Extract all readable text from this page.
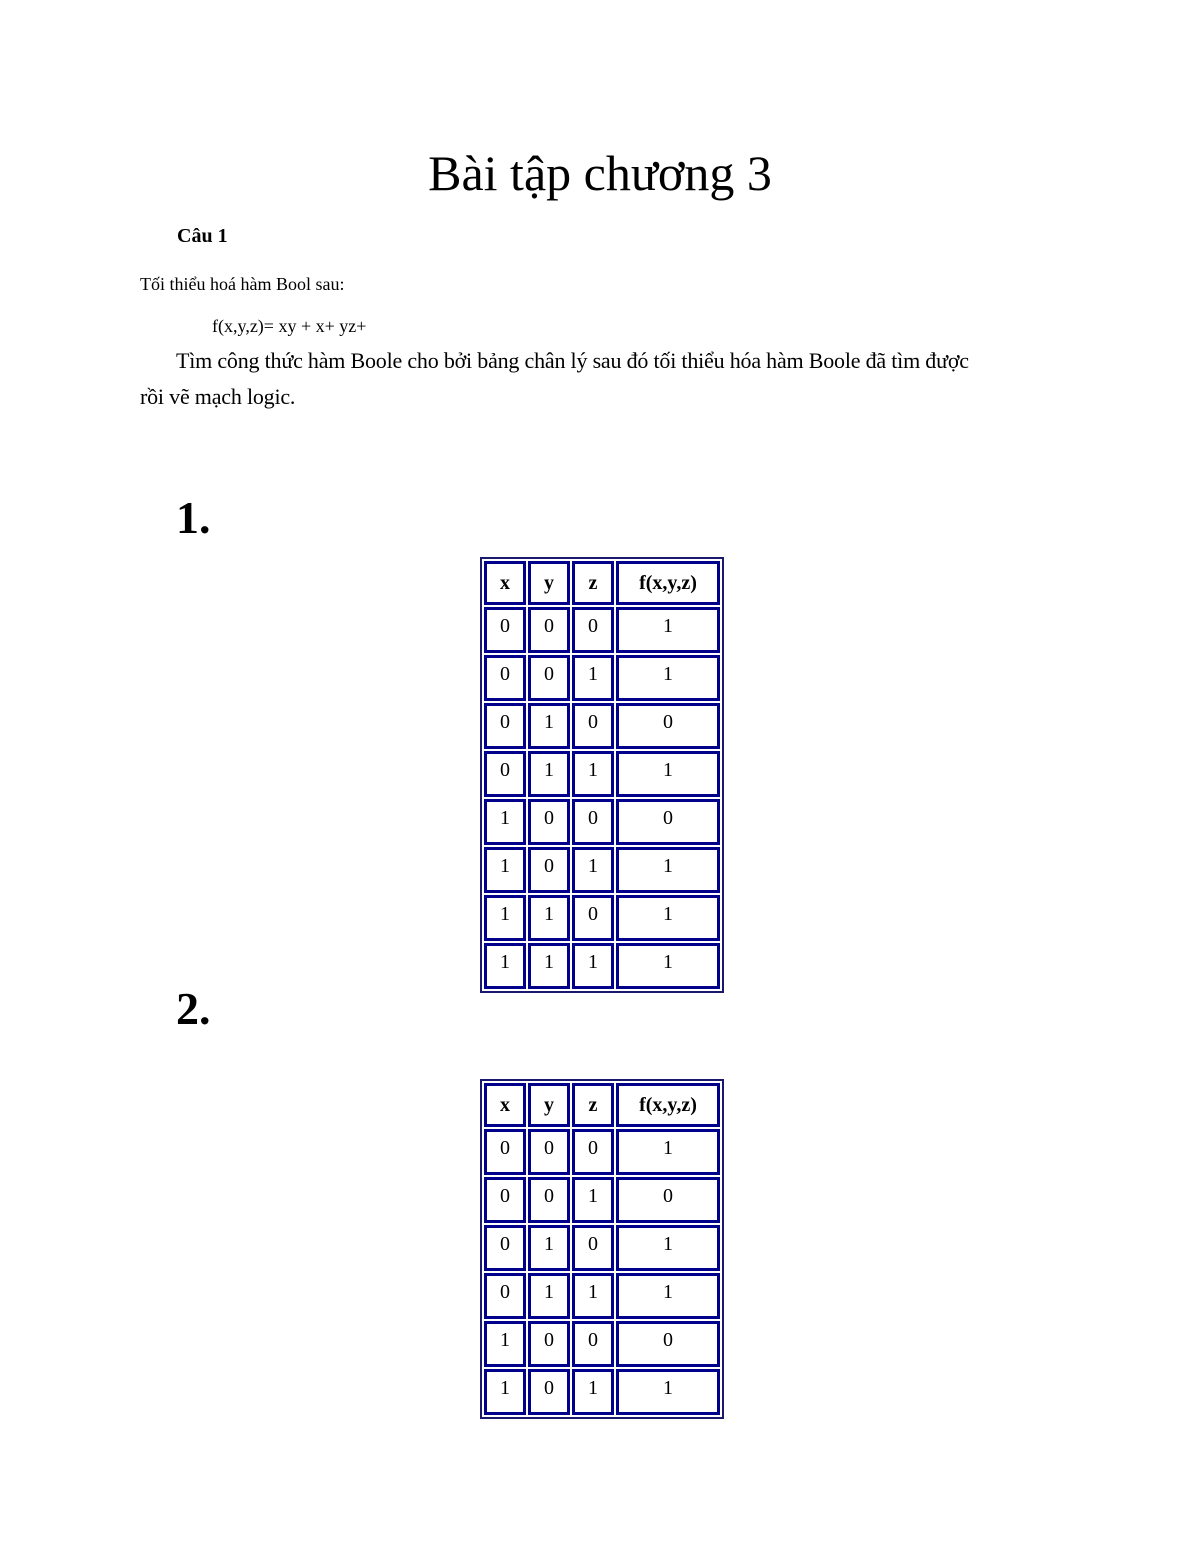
Bài tập chương 3
Câu 1
Tối thiểu hoá hàm Bool sau:
f(x,y,z)= xy + x+ yz+
Tìm công thức hàm Boole cho bởi bảng chân lý sau đó tối thiểu hóa hàm Boole đã tìm được
rồi vẽ mạch logic.
1.
x	y	z	f(x,y,z)
0	0	0	1
0	0	1	1
0	1	0	0
0	1	1	1
1	0	0	0
1	0	1	1
1	1	0	1
1	1	1	1
2.
x	y	z	f(x,y,z)
0	0	0	1
0	0	1	0
0	1	0	1
0	1	1	1
1	0	0	0
1	0	1	1
